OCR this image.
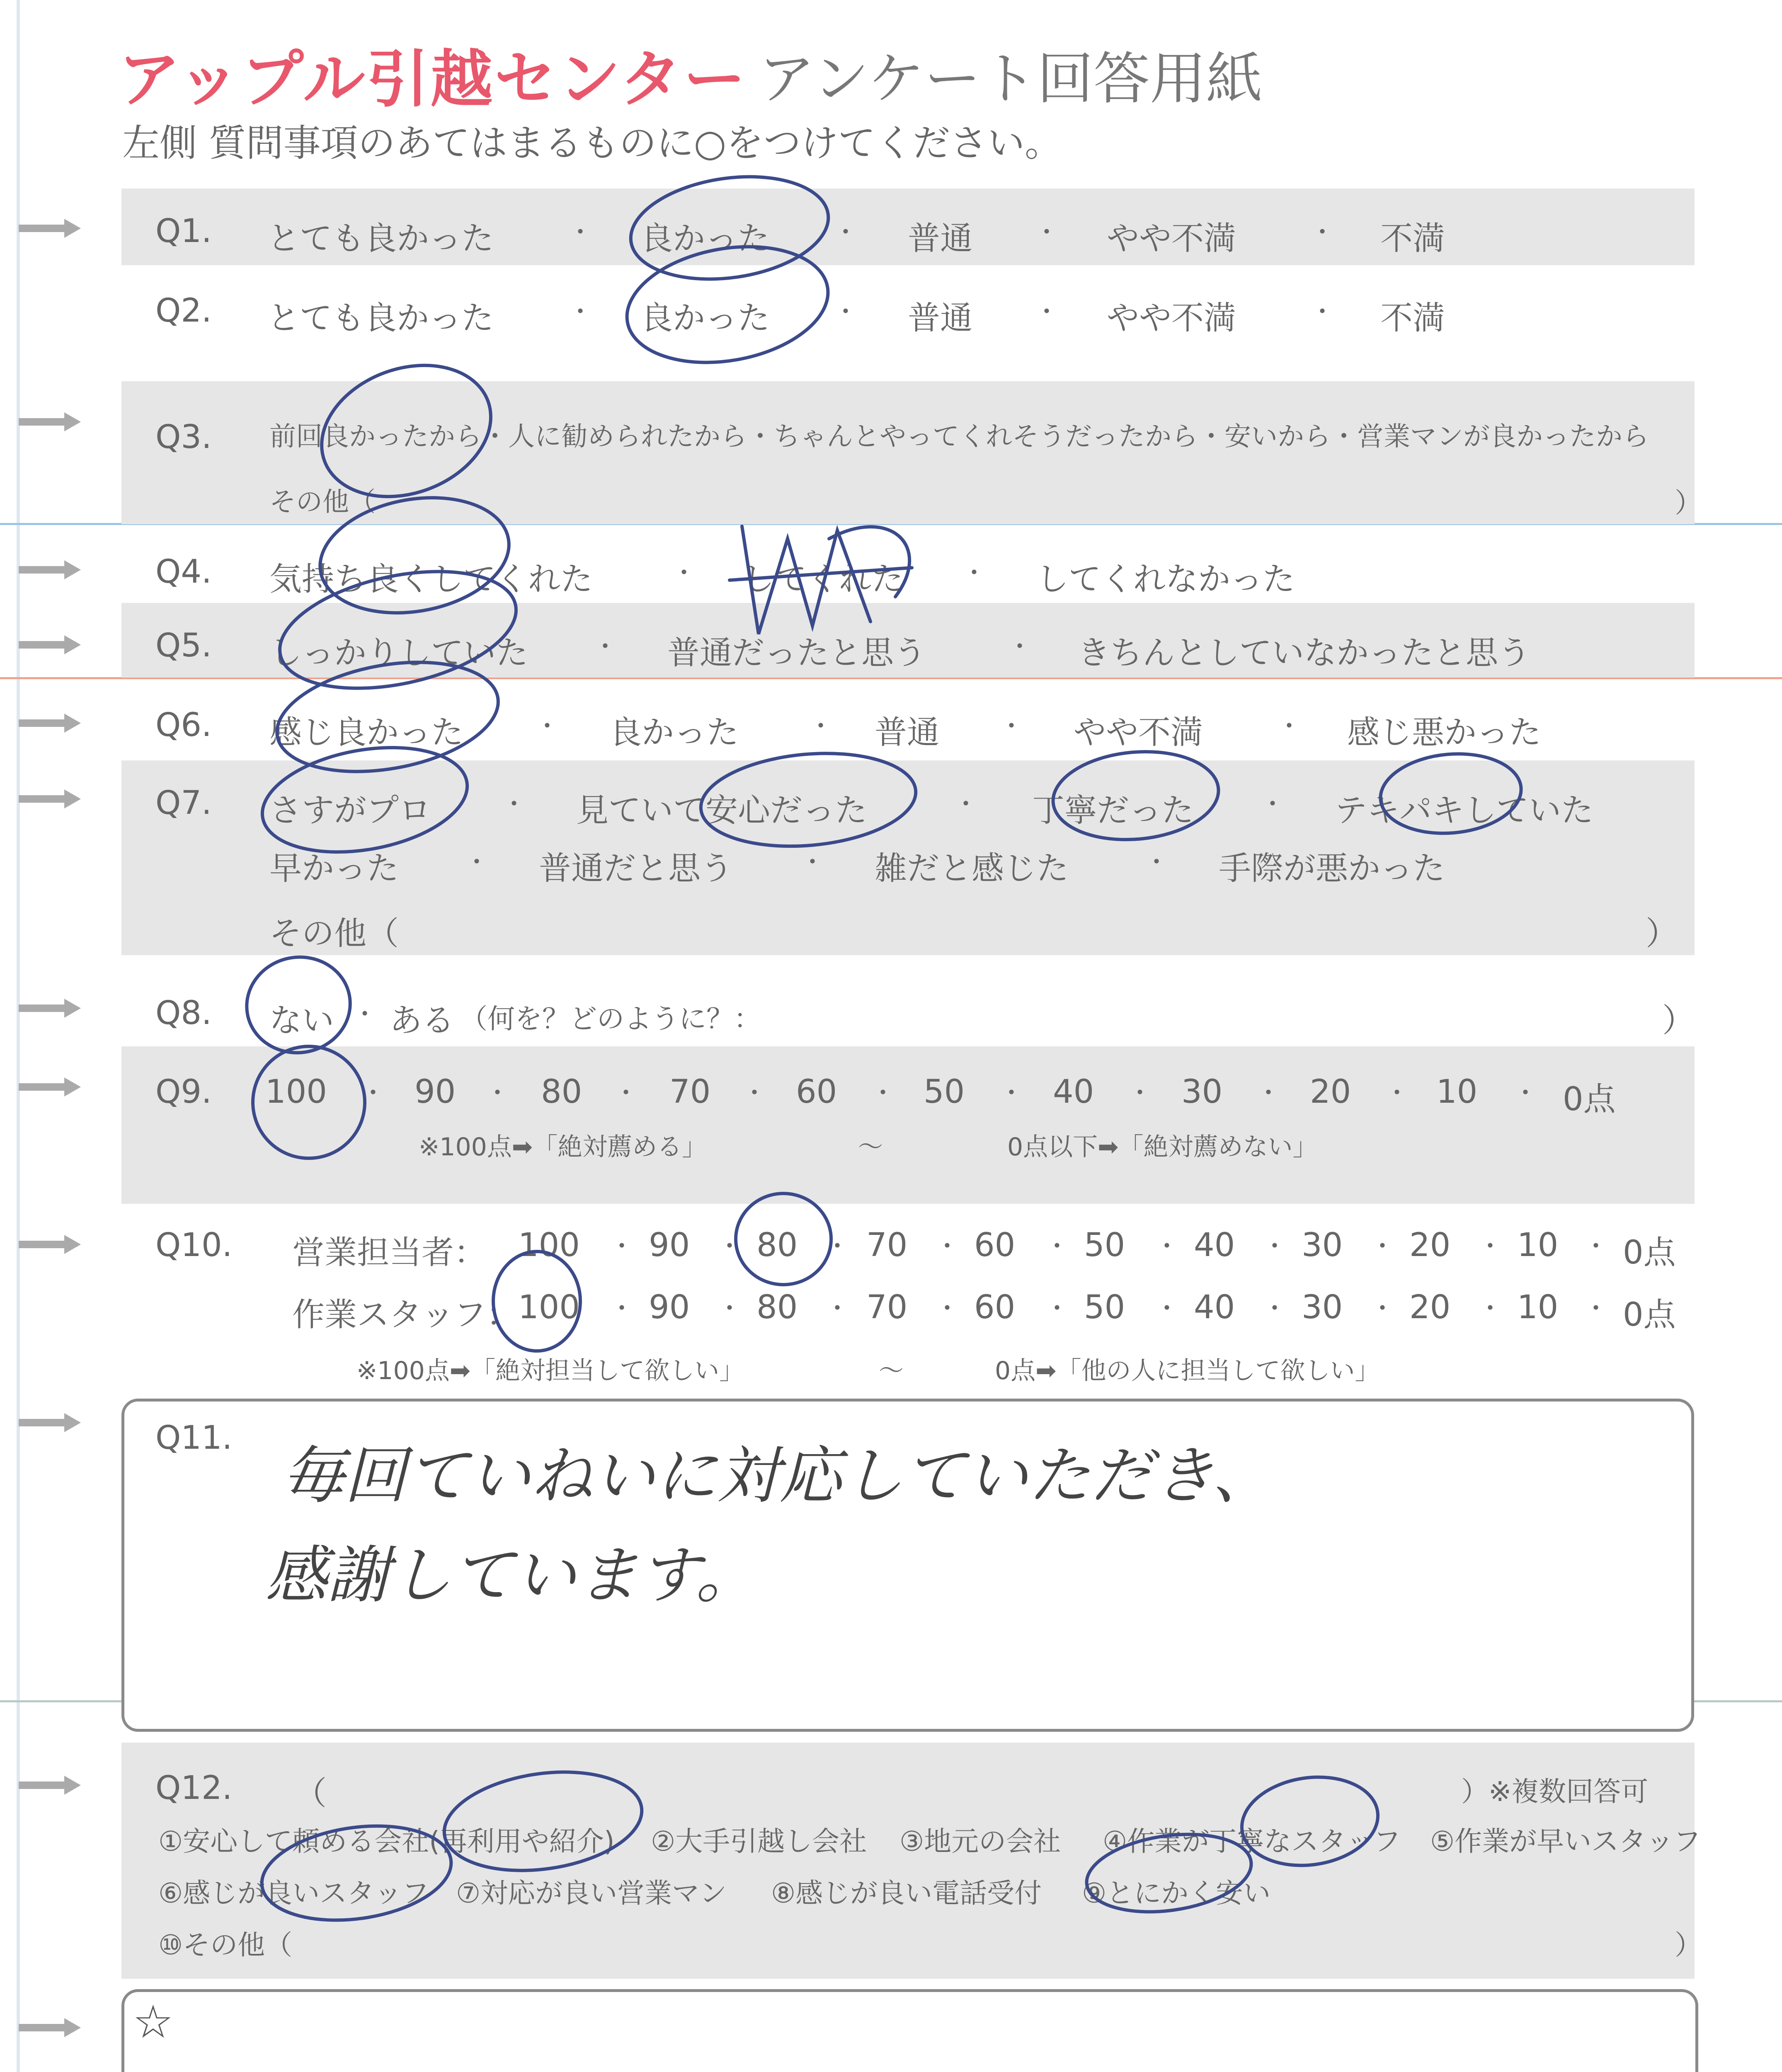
アップル引越センター アンケート回答用紙
左側 質問事項のあてはまるものに○をつけてください。
Q1. とても良かった	・ 良かった	・ 普通 ・ やや不満	・ 不満
Q2. とても良かった	・ 良かった	・ 普通 ・ やや不満	・ 不満
Q3. 前回良かったから・人に勧められたから・ちゃんとやってくれそうだったから・安いから・営業マンが良かったから
その他（	）
Q4. 気持ち良くしてくれた	・ してくれた ・ してくれなかった
Q5. しっかりしていた	・ 普通だったと思う	・ きちんとしていなかったと思う
Q6. 感じ良かった	・ 良かった	・ 普通 ・ やや不満	・ 感じ悪かった
Q7. さすがプロ	・ 見ていて安心だった	・ 丁寧だった	・ テキパキしていた
早かった	・ 普通だと思う	・ 雑だと感じた	・ 手際が悪かった
その他（	）
Q8. ない ・ ある （何を？どのように？：	）
Q9. 100 ・ 90 ・ 80 ・ 70 ・ 60 ・ 50 ・ 40 ・ 30 ・ 20 ・ 10 ・ 0点
※100点➡「絶対薦める」	〜	0点以下➡「絶対薦めない」
Q10. 営業担当者： 100 ・ 90 ・ 80 ・ 70 ・ 60 ・ 50 ・ 40 ・ 30 ・ 20 ・ 10 ・ 0点
作業スタッフ：
100 ・ 90 ・ 80 ・ 70 ・ 60 ・ 50 ・ 40 ・ 30 ・ 20 ・ 10 ・ 0点
※100点➡「絶対担当して欲しい」	〜	0点➡「他の人に担当して欲しい」
Q11.
毎回ていねいに対応していただき、
感謝しています。
Q12. （	）※複数回答可
①安心して頼める会社(再利用や紹介) ②大手引越し会社 ③地元の会社 ④作業が丁寧なスタッフ ⑤作業が早いスタッフ
⑥感じが良いスタッフ ⑦対応が良い営業マン ⑧感じが良い電話受付 ⑨とにかく安い
⑩その他（	）
☆
